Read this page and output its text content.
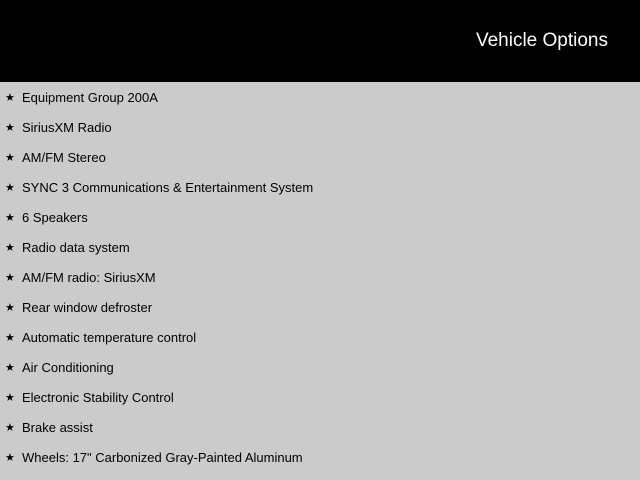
Vehicle Options
★ Equipment Group 200A
★ SiriusXM Radio
★ AM/FM Stereo
★ SYNC 3 Communications & Entertainment System
★ 6 Speakers
★ Radio data system
★ AM/FM radio: SiriusXM
★ Rear window defroster
★ Automatic temperature control
★ Air Conditioning
★ Electronic Stability Control
★ Brake assist
★ Wheels: 17" Carbonized Gray-Painted Aluminum
